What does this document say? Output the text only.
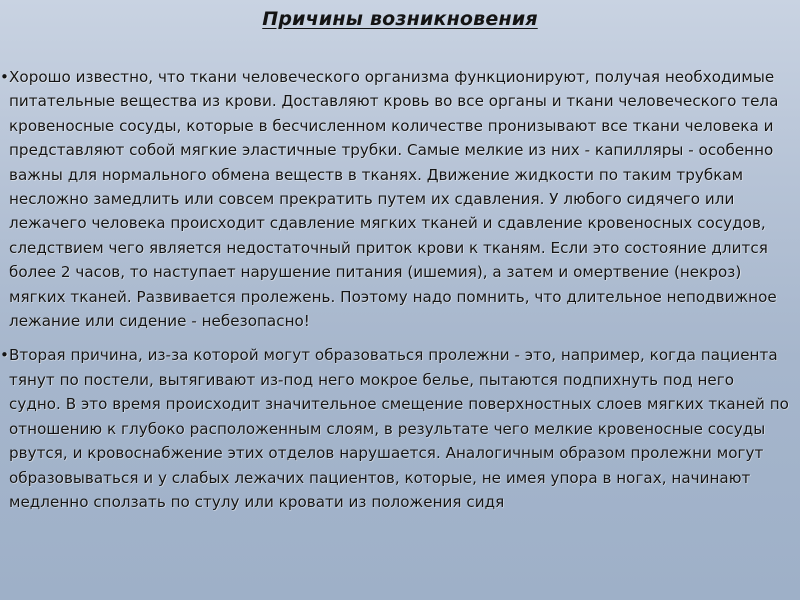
Причины возникновения
• Хорошо известно, что ткани человеческого организма функционируют, получая необходимые питательные вещества из крови. Доставляют кровь во все органы и ткани человеческого тела кровеносные сосуды, которые в бесчисленном количестве пронизывают все ткани человека и представляют собой мягкие эластичные трубки. Самые мелкие из них - капилляры - особенно важны для нормального обмена веществ в тканях. Движение жидкости по таким трубкам несложно замедлить или совсем прекратить путем их сдавления. У любого сидячего или лежачего человека происходит сдавление мягких тканей и сдавление кровеносных сосудов, следствием чего является недостаточный приток крови к тканям. Если это состояние длится более 2 часов, то наступает нарушение питания (ишемия), а затем и омертвение (некроз) мягких тканей. Развивается пролежень. Поэтому надо помнить, что длительное неподвижное лежание или сидение - небезопасно!
• Вторая причина, из-за которой могут образоваться пролежни - это, например, когда пациента тянут по постели, вытягивают из-под него мокрое белье, пытаются подпихнуть под него судно. В это время происходит значительное смещение поверхностных слоев мягких тканей по отношению к глубоко расположенным слоям, в результате чего мелкие кровеносные сосуды рвутся, и кровоснабжение этих отделов нарушается. Аналогичным образом пролежни могут образовываться и у слабых лежачих пациентов, которые, не имея упора в ногах, начинают медленно сползать по стулу или кровати из положения сидя
